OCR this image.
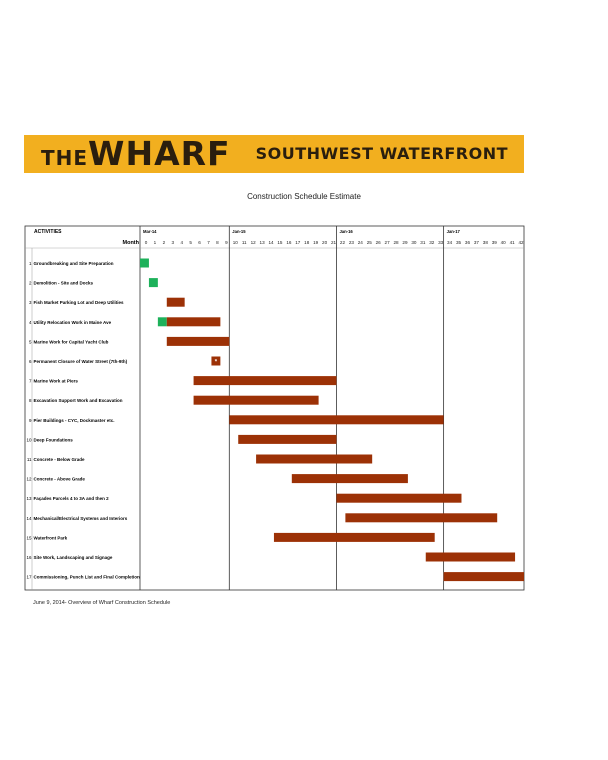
THEWHARF SOUTHWEST WATERFRONT
Construction Schedule Estimate
ACTIVITIES
Month
Mar-14	Jan-15	Jan-16	Jan-17
0 1 2 3 4 5 6 7 8 9 10 11 12 13 14 15 16 17 18 19 20 21 22 23 24 25 26 27 28 29 30 31 32 33 34 35 36 37 38 39 40 41 42
1 Groundbreaking and Site Preparation
2 Demolition - Site and Docks
3 Fish Market Parking Lot and Deep Utilities
4 Utility Relocation Work in Maine Ave
5 Marine Work for Capital Yacht Club
6 Permanent Closure of Water Street (7th-9th)	*
7 Marine Work at Piers
8 Excavation Support Work and Excavation
9 Pier Buildings - CYC, Dockmaster etc.
10 Deep Foundations
11 Concrete - Below Grade
12 Concrete - Above Grade
13 Façades Parcels 4 to 3A and then 2
14 Mechanical/Electrical Systems and Interiors
15 Waterfront Park
16 Site Work, Landscaping and Signage
17 Commissioning, Punch List and Final Completion
June 9, 2014- Overview of Wharf Construction Schedule
